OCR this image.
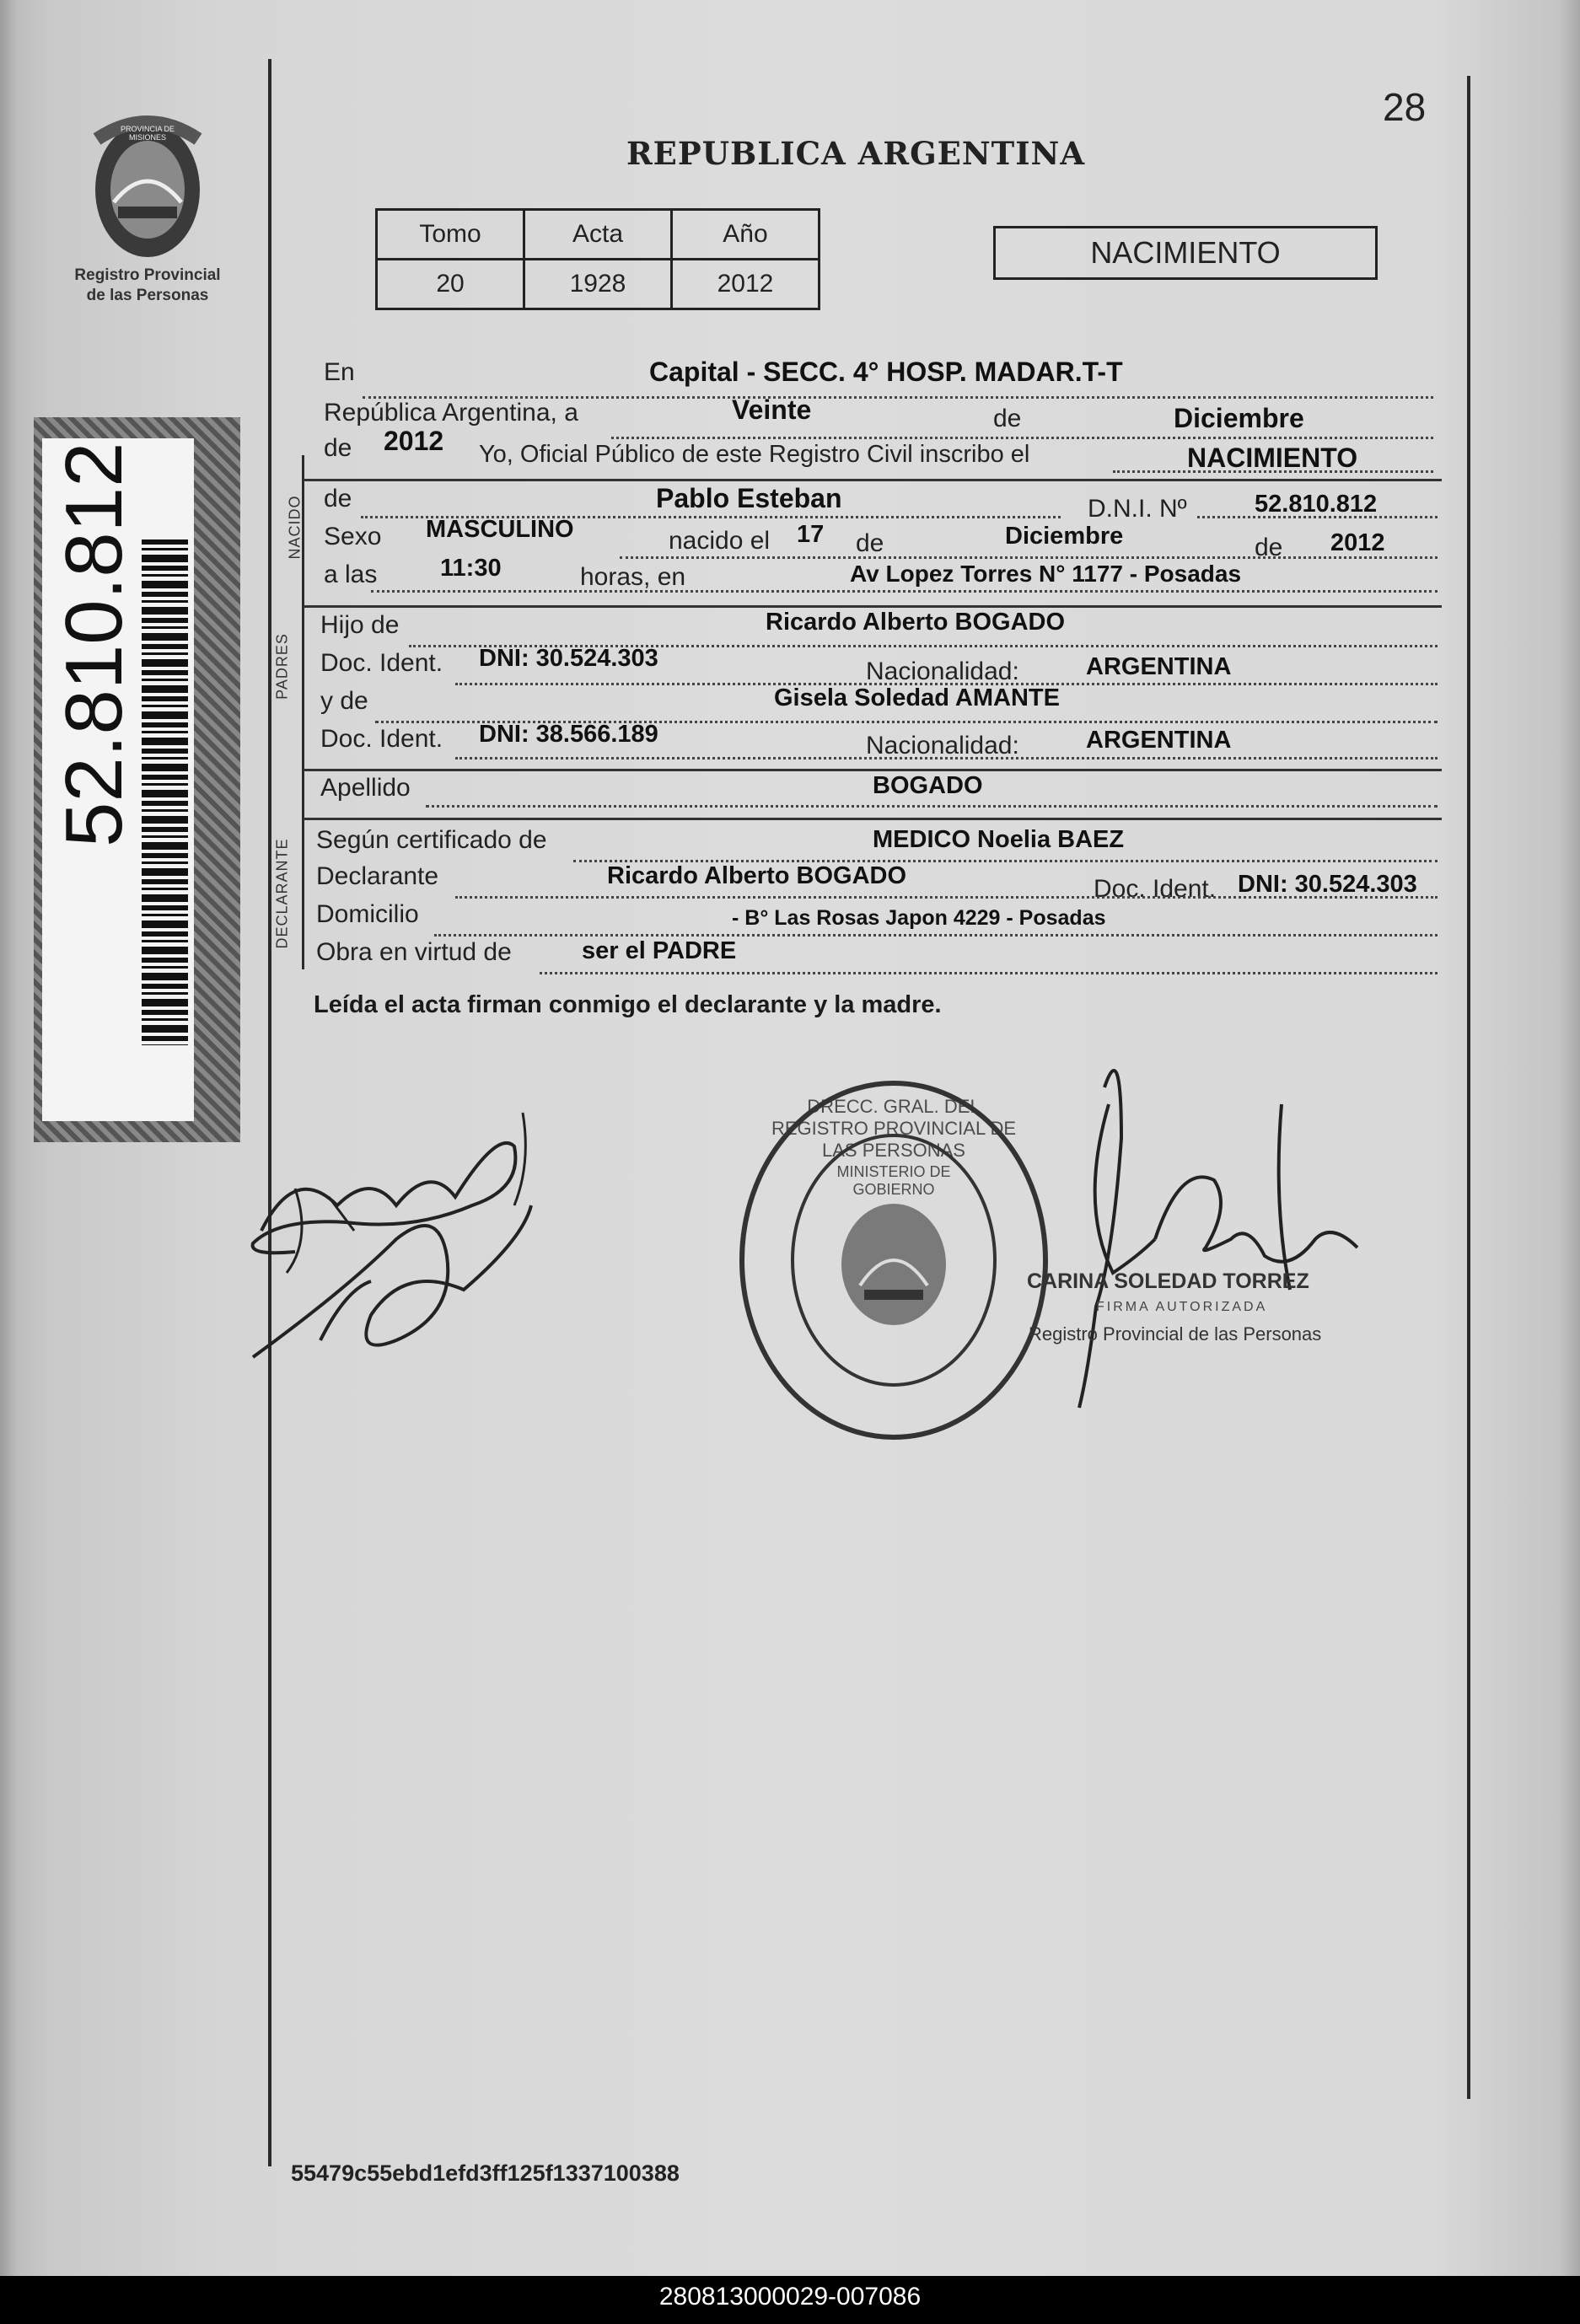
PROVINCIA DE MISIONES
Registro Provincial
de las Personas
52.810.812
28
REPUBLICA ARGENTINA
Tomo	Acta	Año
20	1928	2012
NACIMIENTO
En	Capital - SECC. 4° HOSP. MADAR.T-T
República Argentina, a	Veinte	de	Diciembre
de 2012 Yo, Oficial Público de este Registro Civil inscribo el	NACIMIENTO
NACIDO de	Pablo Esteban	D.N.I. Nº	52.810.812
Sexo MASCULINO	nacido el 17 de	Diciembre	de 2012
a las	11:30	horas, en	Av Lopez Torres N° 1177 - Posadas
PADRES
Hijo de	Ricardo Alberto BOGADO
Doc. Ident. DNI: 30.524.303	Nacionalidad:	ARGENTINA
y de	Gisela Soledad AMANTE
Doc. Ident. DNI: 38.566.189	Nacionalidad:	ARGENTINA
Apellido	BOGADO
DECLARANTE Según certificado de	MEDICO Noelia BAEZ
Declarante	Ricardo Alberto BOGADO	Doc. Ident. DNI: 30.524.303
Domicilio	- B° Las Rosas Japon 4229 - Posadas
Obra en virtud de	ser el PADRE
Leída el acta firman conmigo el declarante y la madre.
DRECC. GRAL. DEL REGISTRO PROVINCIAL DE LAS PERSONAS
MINISTERIO DE GOBIERNO
CARINA SOLEDAD TORREZ
FIRMA AUTORIZADA
Registro Provincial de las Personas
55479c55ebd1efd3ff125f1337100388
280813000029-007086
